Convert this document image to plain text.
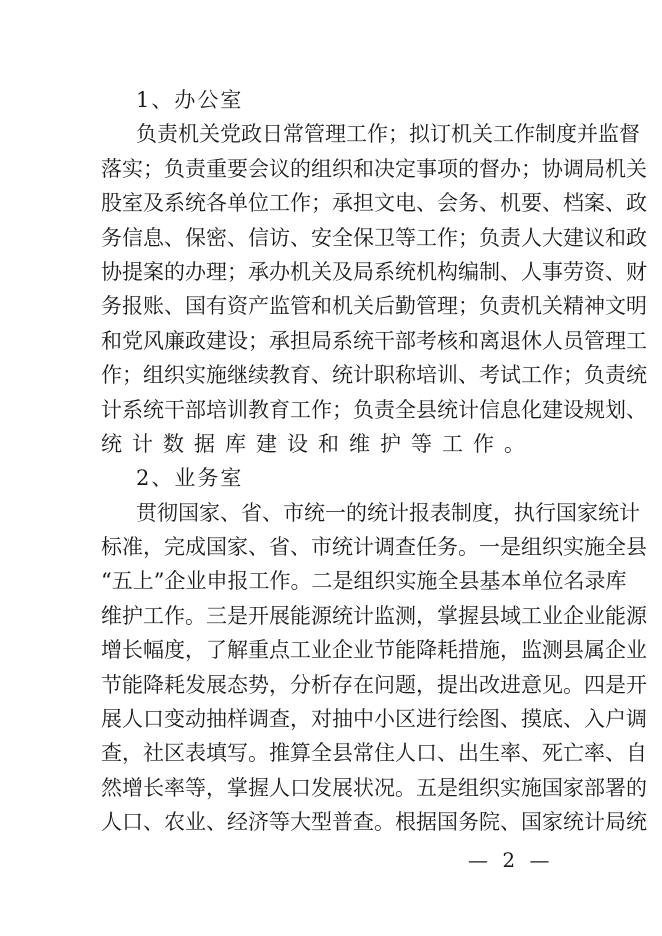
1、办公室
负责机关党政日常管理工作；拟订机关工作制度并监督
落实；负责重要会议的组织和决定事项的督办；协调局机关
股室及系统各单位工作；承担文电、会务、机要、档案、政
务信息、保密、信访、安全保卫等工作；负责人大建议和政
协提案的办理；承办机关及局系统机构编制、人事劳资、财
务报账、国有资产监管和机关后勤管理；负责机关精神文明
和党风廉政建设；承担局系统干部考核和离退休人员管理工
作；组织实施继续教育、统计职称培训、考试工作；负责统
计系统干部培训教育工作；负责全县统计信息化建设规划、
统计数据库建设和维护等工作。
2、业务室
贯彻国家、省、市统一的统计报表制度，执行国家统计
标准，完成国家、省、市统计调查任务。一是组织实施全县
“五上”企业申报工作。二是组织实施全县基本单位名录库
维护工作。三是开展能源统计监测，掌握县域工业企业能源
增长幅度，了解重点工业企业节能降耗措施，监测县属企业
节能降耗发展态势，分析存在问题，提出改进意见。四是开
展人口变动抽样调查，对抽中小区进行绘图、摸底、入户调
查，社区表填写。推算全县常住人口、出生率、死亡率、自
然增长率等，掌握人口发展状况。五是组织实施国家部署的
人口、农业、经济等大型普查。根据国务院、国家统计局统
— 2 —
